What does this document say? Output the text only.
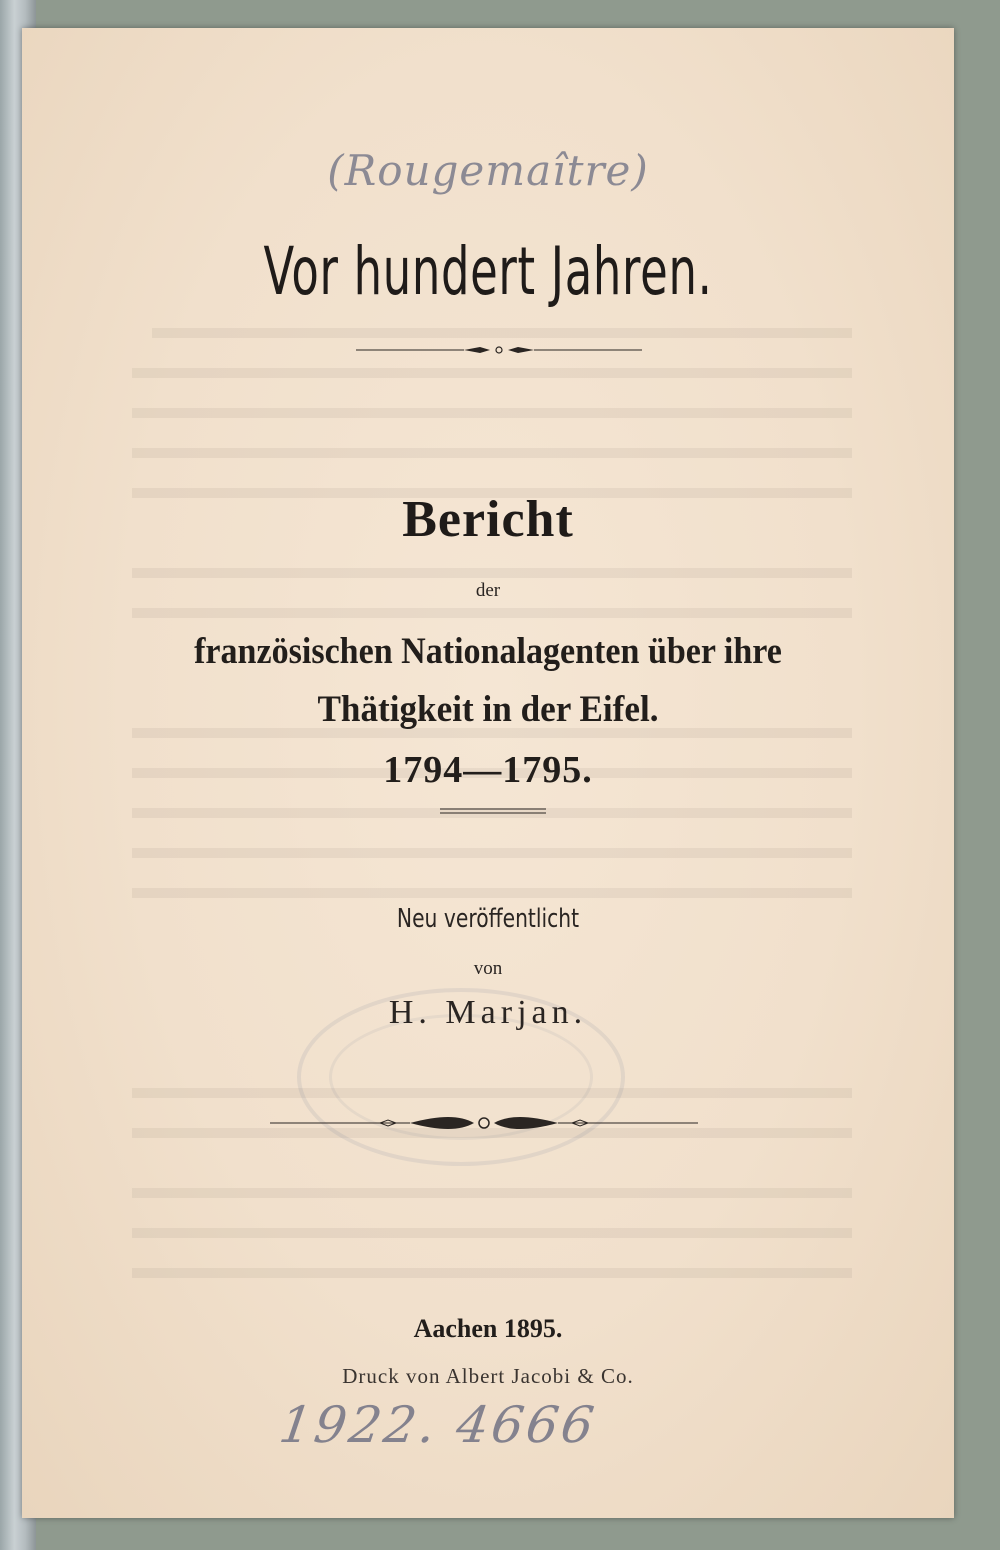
(Rougemaître)
Vor hundert Jahren.
Bericht
der
französischen Nationalagenten über ihre
Thätigkeit in der Eifel.
1794—1795.
Neu veröffentlicht
von
H. Marjan.
Aachen 1895.
Druck von Albert Jacobi & Co.
1922. 4666
